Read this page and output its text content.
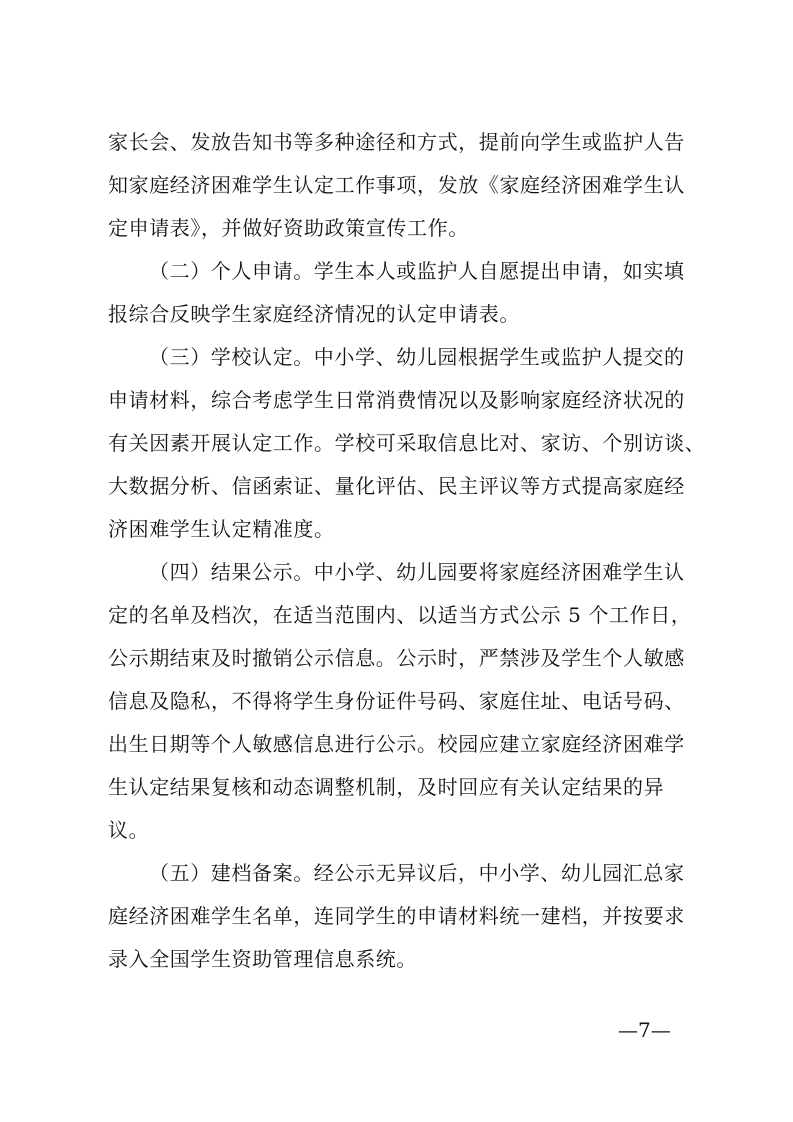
家长会、发放告知书等多种途径和方式，提前向学生或监护人告
知家庭经济困难学生认定工作事项，发放《家庭经济困难学生认
定申请表》，并做好资助政策宣传工作。
（二）个人申请。学生本人或监护人自愿提出申请，如实填
报综合反映学生家庭经济情况的认定申请表。
（三）学校认定。中小学、幼儿园根据学生或监护人提交的
申请材料，综合考虑学生日常消费情况以及影响家庭经济状况的
有关因素开展认定工作。学校可采取信息比对、家访、个别访谈、
大数据分析、信函索证、量化评估、民主评议等方式提高家庭经
济困难学生认定精准度。
（四）结果公示。中小学、幼儿园要将家庭经济困难学生认
定的名单及档次，在适当范围内、以适当方式公示 5 个工作日，
公示期结束及时撤销公示信息。公示时，严禁涉及学生个人敏感
信息及隐私，不得将学生身份证件号码、家庭住址、电话号码、
出生日期等个人敏感信息进行公示。校园应建立家庭经济困难学
生认定结果复核和动态调整机制，及时回应有关认定结果的异
议。
（五）建档备案。经公示无异议后，中小学、幼儿园汇总家
庭经济困难学生名单，连同学生的申请材料统一建档，并按要求
录入全国学生资助管理信息系统。
—7—
